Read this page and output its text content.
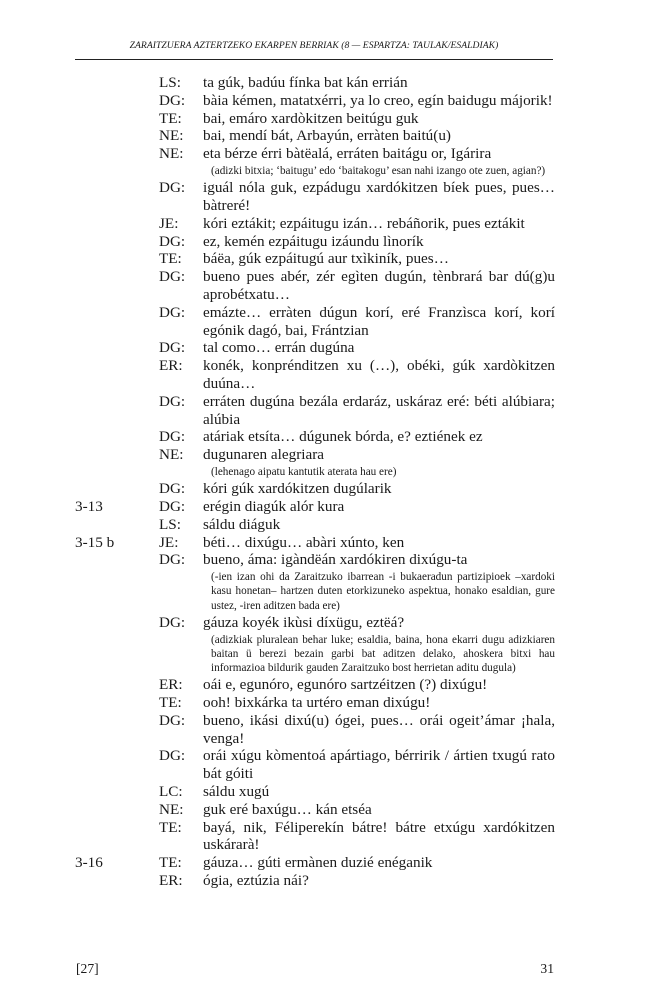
ZARAITZUERA AZTERTZEKO EKARPEN BERRIAK (8 — ESPARTZA: TAULAK/ESALDIAK)
LS: ta gúk, badúu fínka bat kán errián
DG: bàia kémen, matatxérri, ya lo creo, egín baidugu májorik!
TE: bai, emáro xardòkitzen beitúgu guk
NE: bai, mendí bát, Arbayún, erràten baitú(u)
NE: eta bérze érri bàtëalá, erráten baitágu or, Igárira
(adizki bitxia; ‘baitugu’ edo ‘baitakogu’ esan nahi izango ote zuen, agian?)
DG: iguál nóla guk, ezpádugu xardókitzen bíek pues, pues… bàtreré!
JE: kóri eztákit; ezpáitugu izán… rebáñorik, pues eztákit
DG: ez, kemén ezpáitugu izáundu lìnorík
TE: báëa, gúk ezpáitugú aur txìkiník, pues…
DG: bueno pues abér, zér egìten dugún, tènbrará bar dú(g)u aprobétxatu…
DG: emázte… erràten dúgun korí, eré Franzìsca korí, korí egónik dagó, bai, Frántzian
DG: tal como… errán dugúna
ER: konék, konprénditzen xu (…), obéki, gúk xardòkitzen duúna…
DG: erráten dugúna bezála erdaráz, uskáraz eré: béti alúbiara; alúbia
DG: atáriak etsíta… dúgunek bórda, e? eztiének ez
NE: dugunaren alegriara
(lehenago aipatu kantutik aterata hau ere)
DG: kóri gúk xardókitzen dugúlarik
3-13	DG: erégin diagúk alór kura
LS: sáldu diáguk
3-15 b	JE: béti… dixúgu… abàri xúnto, ken
DG: bueno, áma: igàndëán xardókiren dixúgu-ta
(-ien izan ohi da Zaraitzuko ibarrean -i bukaeradun partizipioek –xardoki kasu honetan– hartzen duten etorkizuneko aspektua, honako esaldian, gure ustez, -iren aditzen bada ere)
DG: gáuza koyék ikùsi díxügu, eztëá?
(adizkiak pluralean behar luke; esaldia, baina, hona ekarri dugu adizkiaren baitan ü berezi bezain garbi bat aditzen delako, ahoskera bitxi hau informazioa bildurik gauden Zaraitzuko bost herrietan aditu dugula)
ER: oái e, egunóro, egunóro sartzéitzen (?) dixúgu!
TE: ooh! bixkárka ta urtéro eman dixúgu!
DG: bueno, ikási dixú(u) ógei, pues… orái ogeit’ámar ¡hala, venga!
DG: orái xúgu kòmentoá apártiago, bérririk / ártien txugú rato bát góiti
LC: sáldu xugú
NE: guk eré baxúgu… kán etséa
TE: bayá, nik, Féliperekín bátre! bátre etxúgu xardókitzen uskárarà!
3-16	TE: gáuza… gúti ermànen duzié enéganik
ER: ógia, eztúzia nái?
[27]	31
